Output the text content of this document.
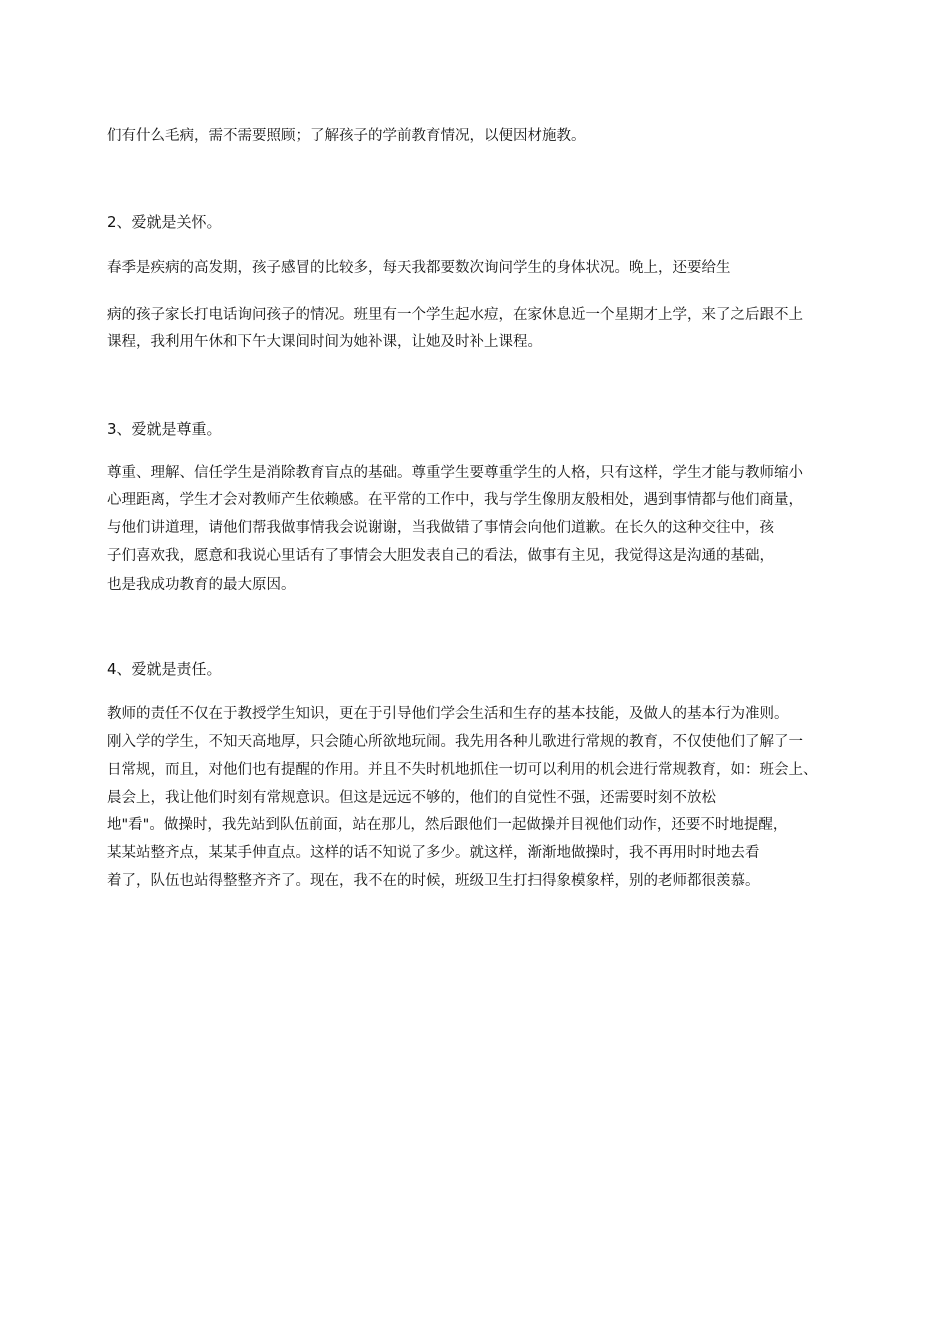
们有什么毛病，需不需要照顾；了解孩子的学前教育情况，以便因材施教。
2、爱就是关怀。
春季是疾病的高发期，孩子感冒的比较多，每天我都要数次询问学生的身体状况。晚上，还要给生
病的孩子家长打电话询问孩子的情况。班里有一个学生起水痘，在家休息近一个星期才上学，来了之后跟不上
课程，我利用午休和下午大课间时间为她补课，让她及时补上课程。
3、爱就是尊重。
尊重、理解、信任学生是消除教育盲点的基础。尊重学生要尊重学生的人格，只有这样，学生才能与教师缩小
心理距离，学生才会对教师产生依赖感。在平常的工作中，我与学生像朋友般相处，遇到事情都与他们商量，
与他们讲道理，请他们帮我做事情我会说谢谢，当我做错了事情会向他们道歉。在长久的这种交往中，孩
子们喜欢我，愿意和我说心里话有了事情会大胆发表自己的看法，做事有主见，我觉得这是沟通的基础，
也是我成功教育的最大原因。
4、爱就是责任。
教师的责任不仅在于教授学生知识，更在于引导他们学会生活和生存的基本技能，及做人的基本行为准则。
刚入学的学生，不知天高地厚，只会随心所欲地玩闹。我先用各种儿歌进行常规的教育，不仅使他们了解了一
日常规，而且，对他们也有提醒的作用。并且不失时机地抓住一切可以利用的机会进行常规教育，如：班会上、
晨会上，我让他们时刻有常规意识。但这是远远不够的，他们的自觉性不强，还需要时刻不放松
地"看"。做操时，我先站到队伍前面，站在那儿，然后跟他们一起做操并目视他们动作，还要不时地提醒，
某某站整齐点，某某手伸直点。这样的话不知说了多少。就这样，渐渐地做操时，我不再用时时地去看
着了，队伍也站得整整齐齐了。现在，我不在的时候，班级卫生打扫得象模象样，别的老师都很羡慕。
